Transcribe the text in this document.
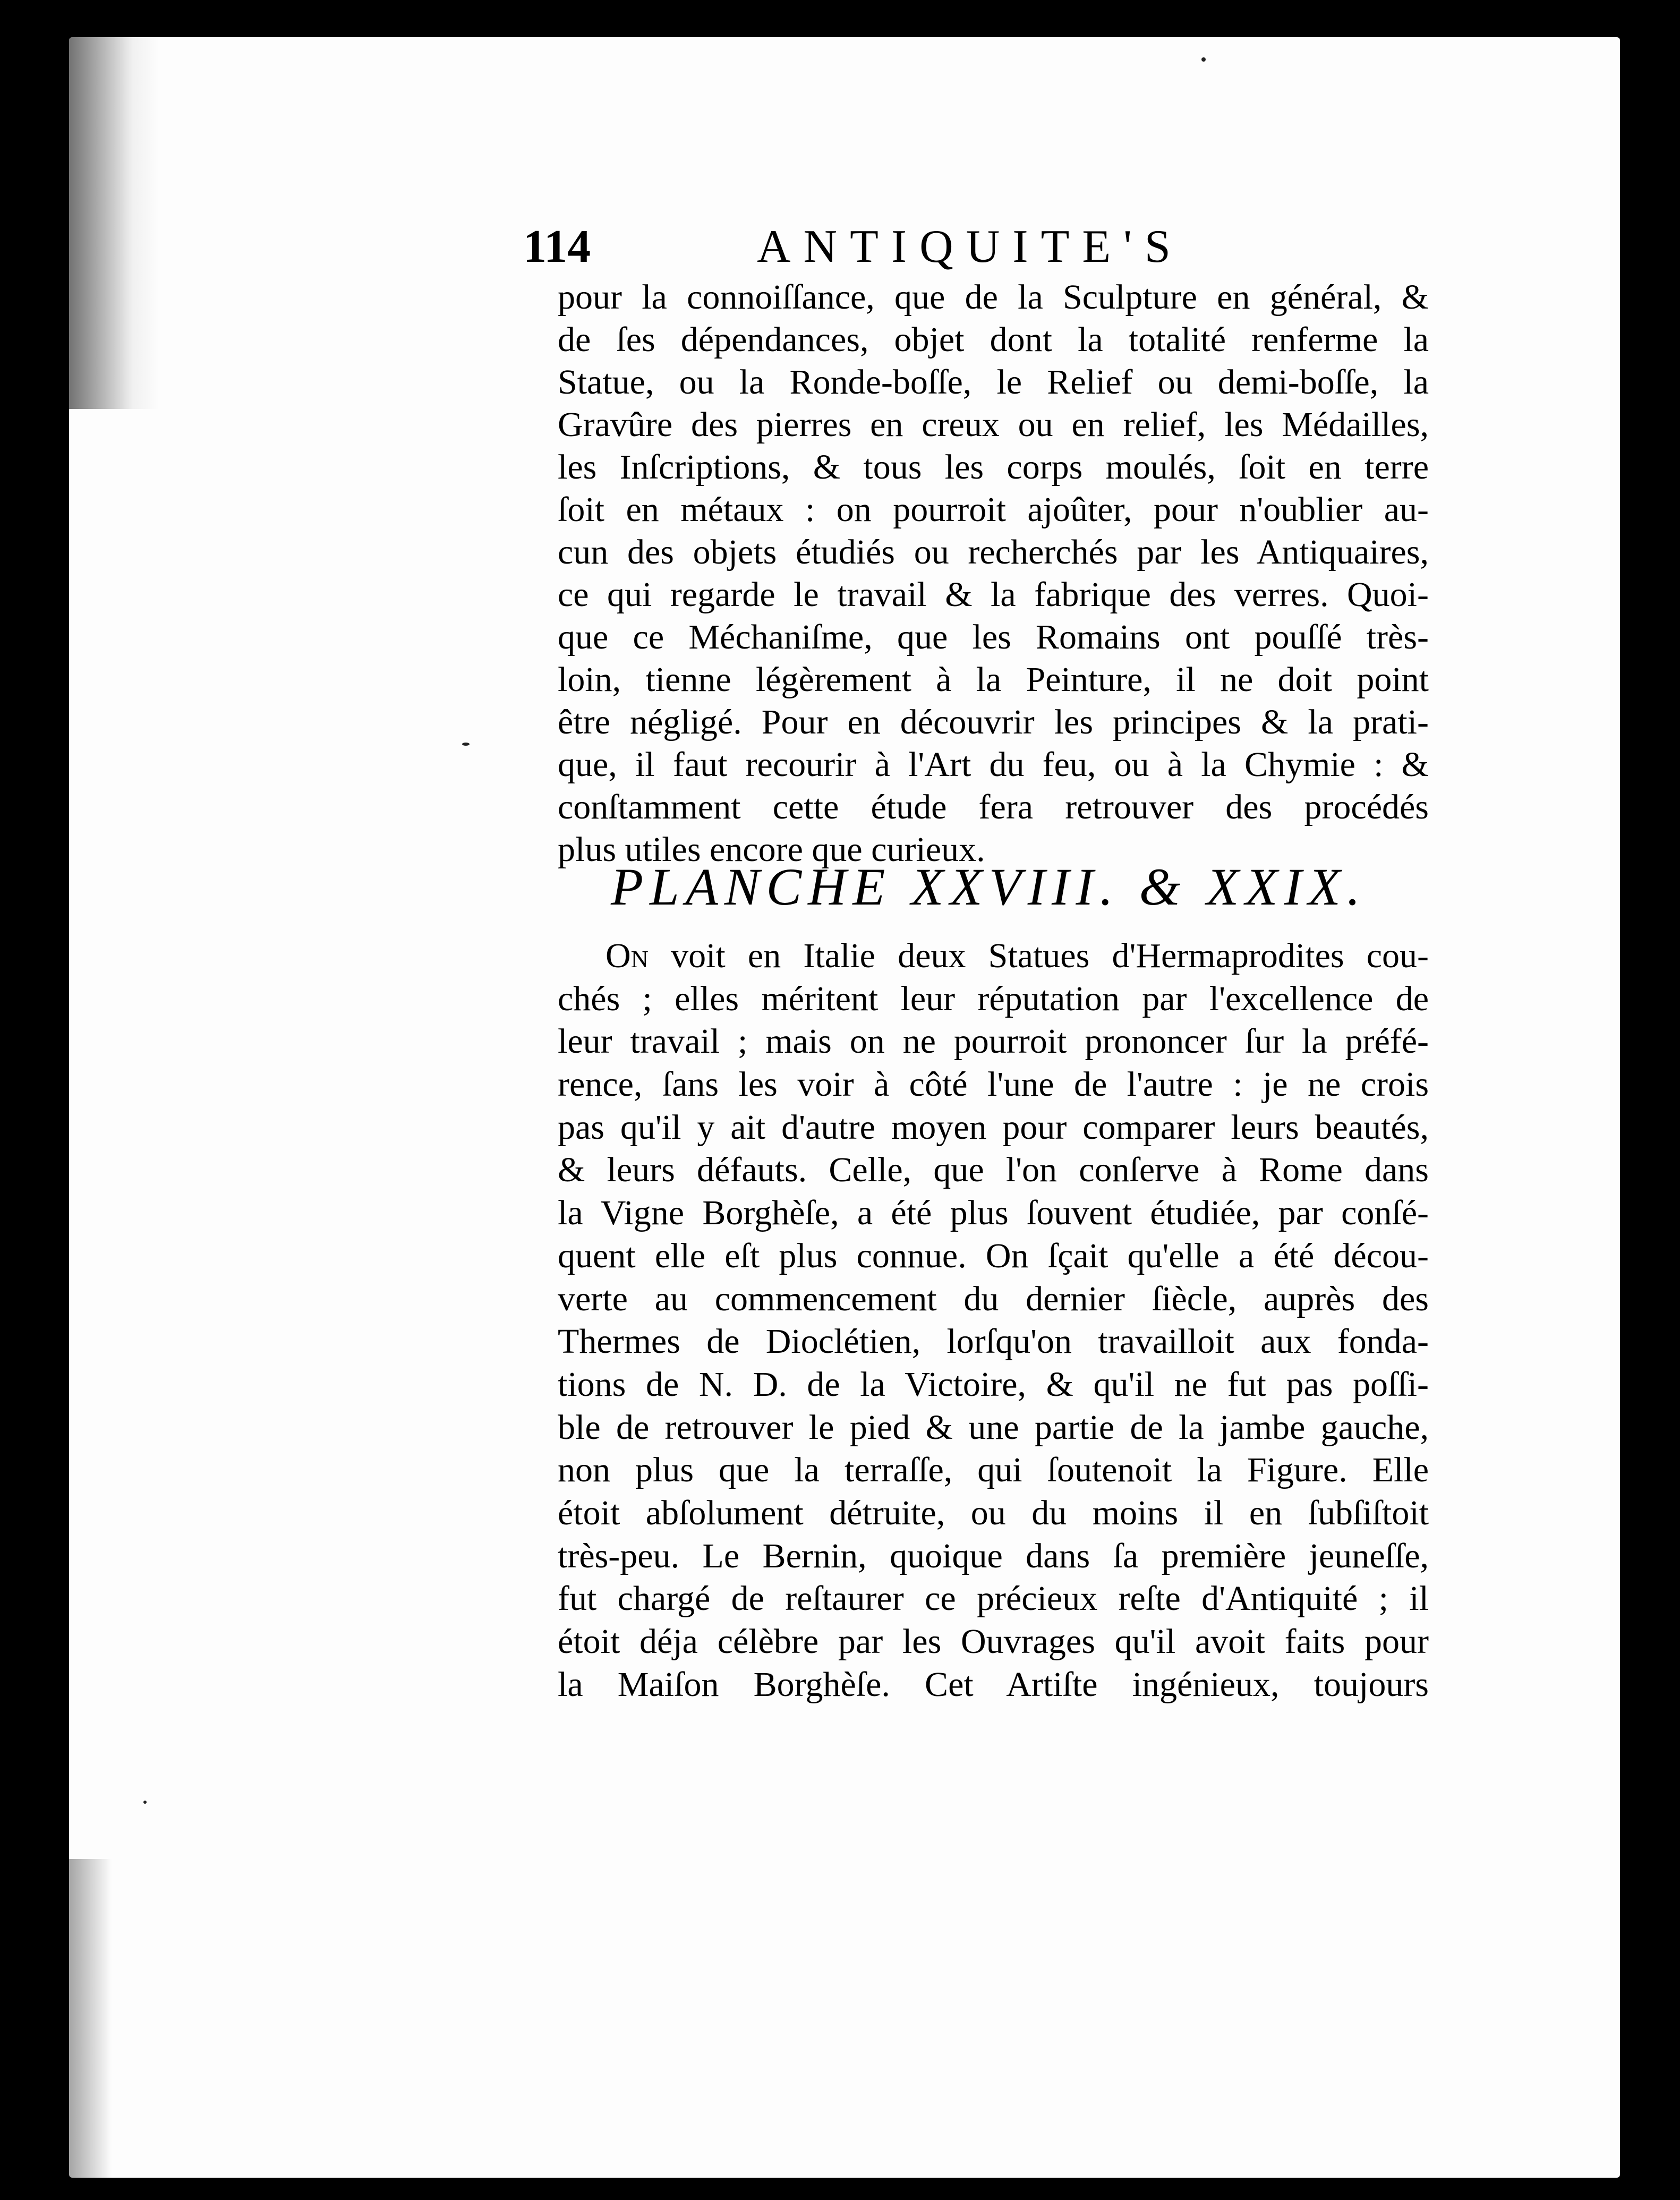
114	ANTIQUITE'S
pour la connoiſſance, que de la Sculpture en général, &
de ſes dépendances, objet dont la totalité renferme la
Statue, ou la Ronde-boſſe, le Relief ou demi-boſſe, la
Gravûre des pierres en creux ou en relief, les Médailles,
les Inſcriptions, & tous les corps moulés, ſoit en terre
ſoit en métaux : on pourroit ajoûter, pour n'oublier au-
cun des objets étudiés ou recherchés par les Antiquaires,
ce qui regarde le travail & la fabrique des verres. Quoi-
que ce Méchaniſme, que les Romains ont pouſſé très-
loin, tienne légèrement à la Peinture, il ne doit point
être négligé. Pour en découvrir les principes & la prati-
que, il faut recourir à l'Art du feu, ou à la Chymie : &
conſtamment cette étude fera retrouver des procédés
plus utiles encore que curieux.
PLANCHE XXVIII. & XXIX.
On voit en Italie deux Statues d'Hermaprodites cou-
chés ; elles méritent leur réputation par l'excellence de
leur travail ; mais on ne pourroit prononcer ſur la préfé-
rence, ſans les voir à côté l'une de l'autre : je ne crois
pas qu'il y ait d'autre moyen pour comparer leurs beautés,
& leurs défauts. Celle, que l'on conſerve à Rome dans
la Vigne Borghèſe, a été plus ſouvent étudiée, par conſé-
quent elle eſt plus connue. On ſçait qu'elle a été décou-
verte au commencement du dernier ſiècle, auprès des
Thermes de Dioclétien, lorſqu'on travailloit aux fonda-
tions de N. D. de la Victoire, & qu'il ne fut pas poſſi-
ble de retrouver le pied & une partie de la jambe gauche,
non plus que la terraſſe, qui ſoutenoit la Figure. Elle
étoit abſolument détruite, ou du moins il en ſubſiſtoit
très-peu. Le Bernin, quoique dans ſa première jeuneſſe,
fut chargé de reſtaurer ce précieux reſte d'Antiquité ; il
étoit déja célèbre par les Ouvrages qu'il avoit faits pour
la Maiſon Borghèſe. Cet Artiſte ingénieux, toujours
